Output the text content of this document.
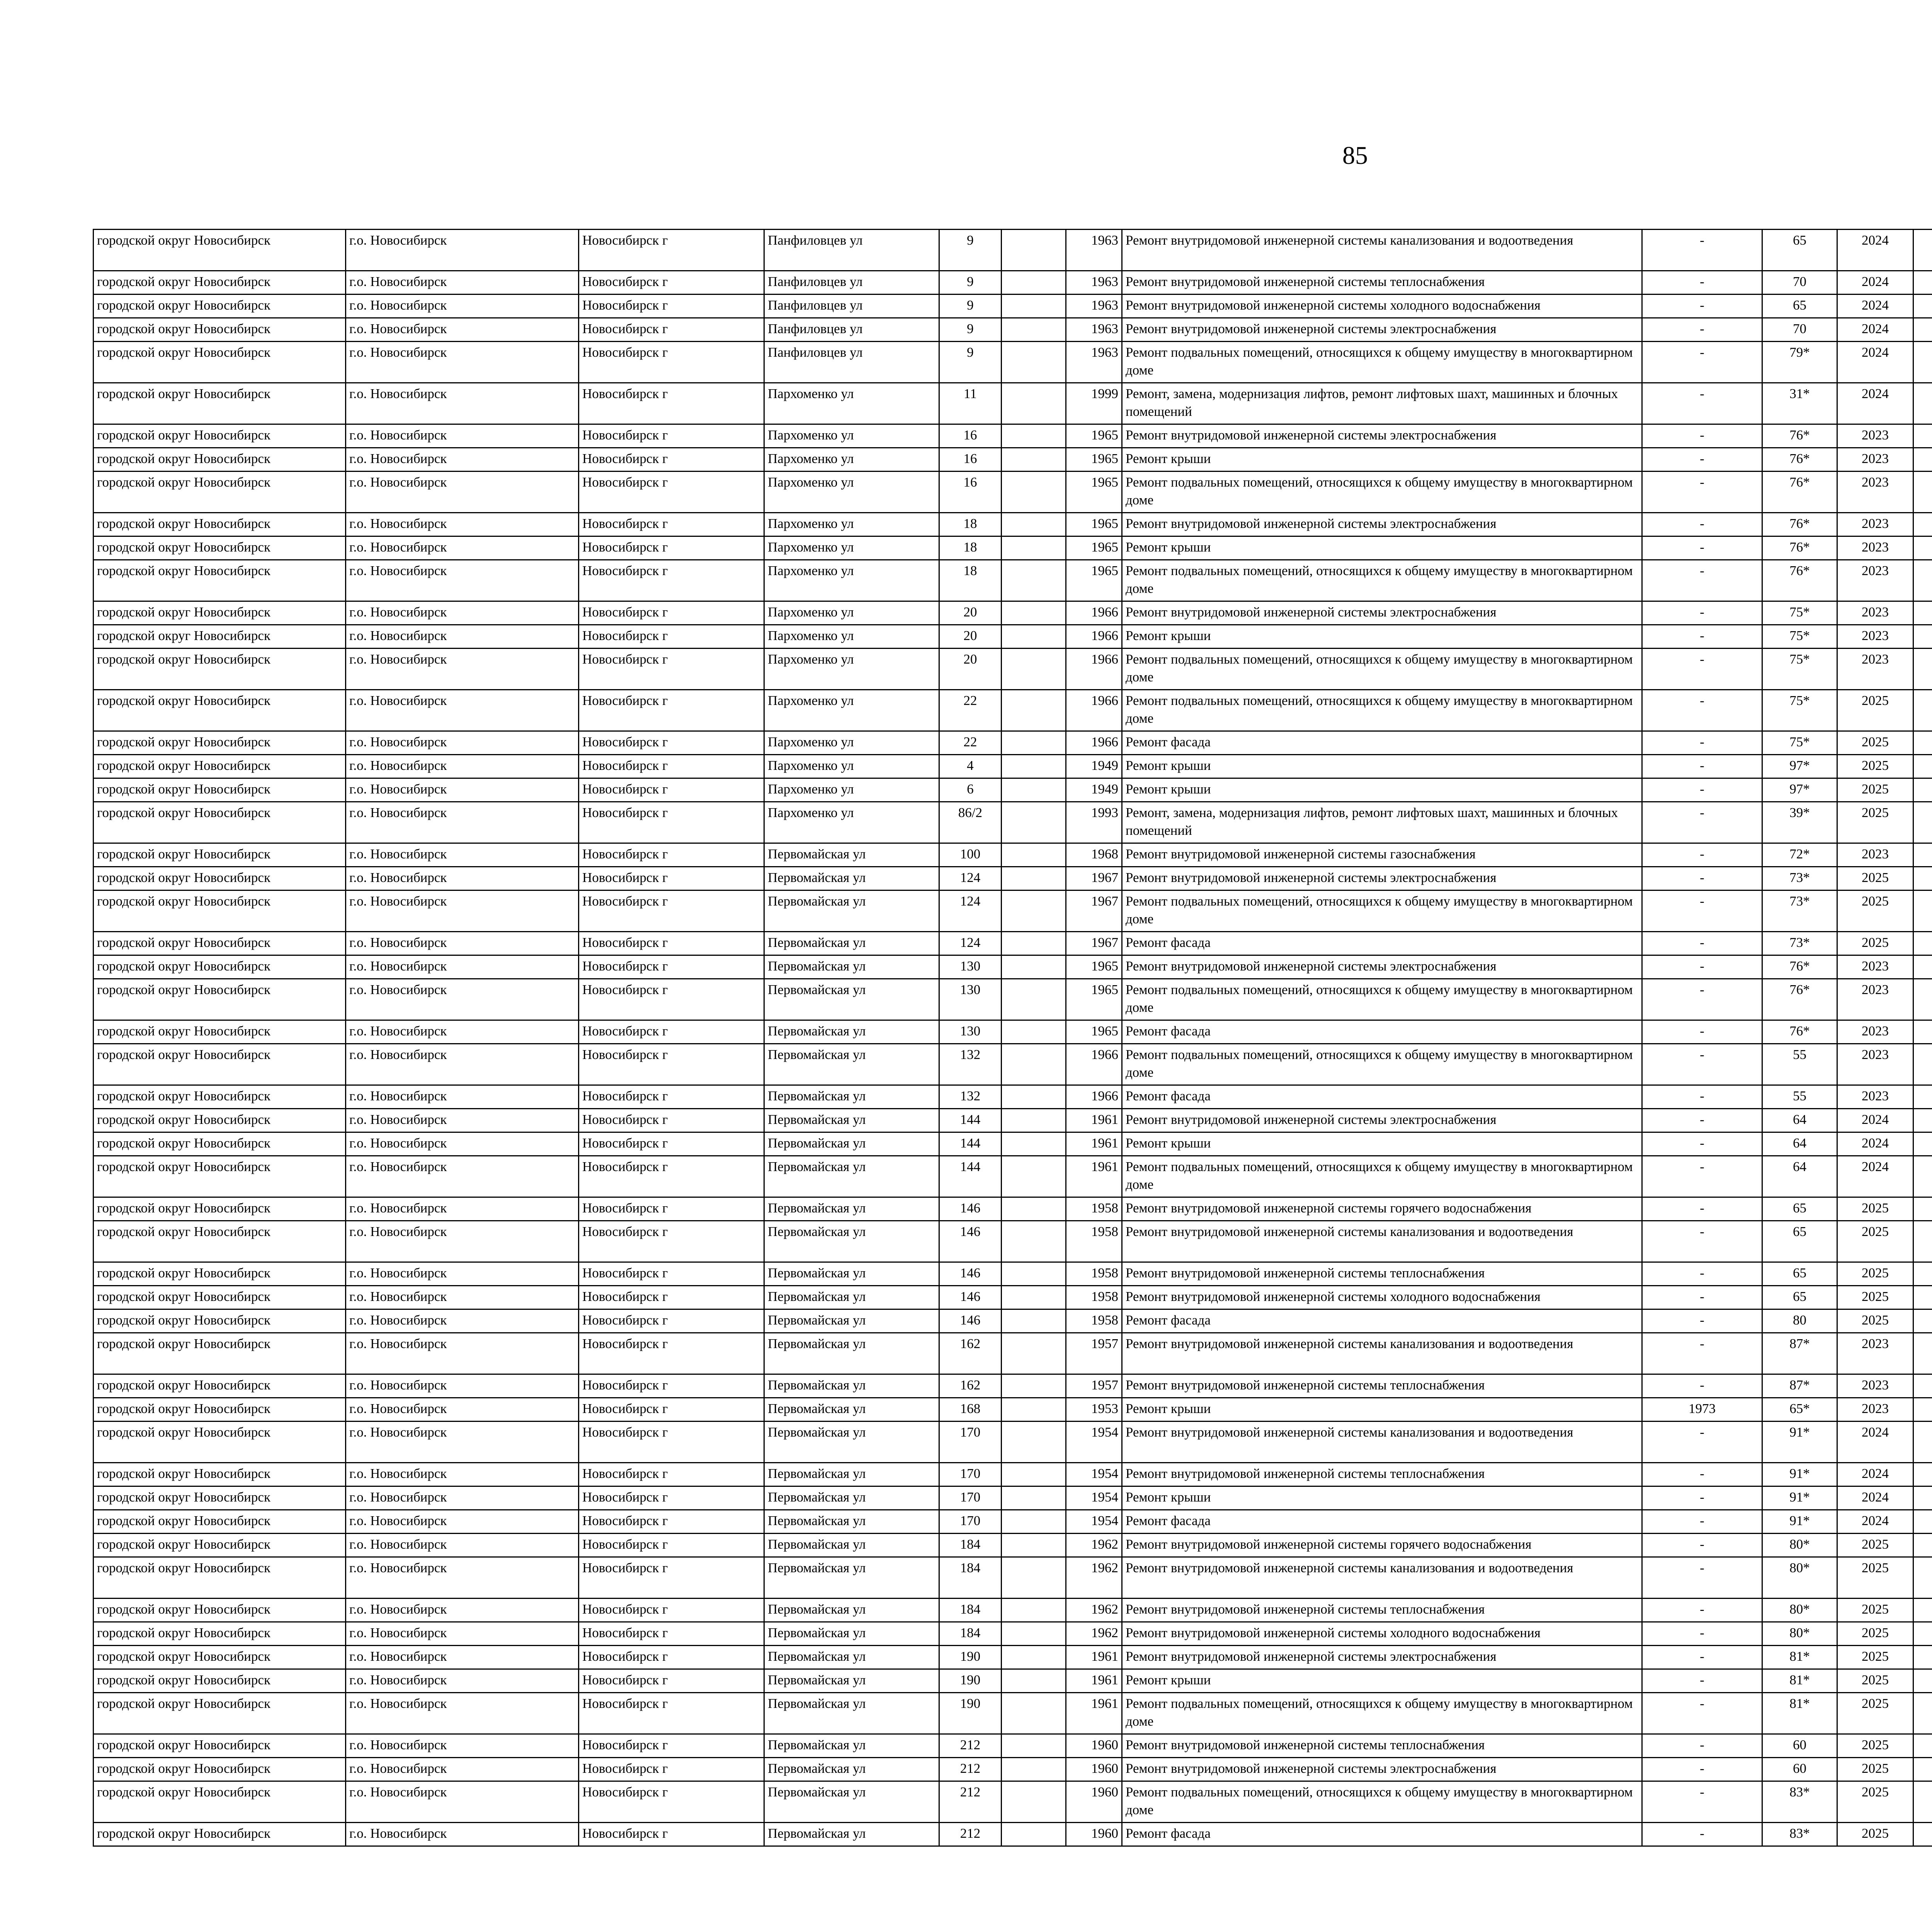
85
городской округ Новосибирск	г.о. Новосибирск	Новосибирск г	Панфиловцев ул	9		1963	Ремонт внутридомовой инженерной системы канализования и водоотведения	-	65	2024						
городской округ Новосибирск	г.о. Новосибирск	Новосибирск г	Панфиловцев ул	9		1963	Ремонт внутридомовой инженерной системы теплоснабжения	-	70	2024						
городской округ Новосибирск	г.о. Новосибирск	Новосибирск г	Панфиловцев ул	9		1963	Ремонт внутридомовой инженерной системы холодного водоснабжения	-	65	2024						
городской округ Новосибирск	г.о. Новосибирск	Новосибирск г	Панфиловцев ул	9		1963	Ремонт внутридомовой инженерной системы электроснабжения	-	70	2024						
городской округ Новосибирск	г.о. Новосибирск	Новосибирск г	Панфиловцев ул	9		1963	Ремонт подвальных помещений, относящихся к общему имуществу в многоквартирном доме	-	79*	2024						
городской округ Новосибирск	г.о. Новосибирск	Новосибирск г	Пархоменко ул	11		1999	Ремонт, замена, модернизация лифтов, ремонт лифтовых шахт, машинных и блочных помещений	-	31*	2024						
городской округ Новосибирск	г.о. Новосибирск	Новосибирск г	Пархоменко ул	16		1965	Ремонт внутридомовой инженерной системы электроснабжения	-	76*	2023						
городской округ Новосибирск	г.о. Новосибирск	Новосибирск г	Пархоменко ул	16		1965	Ремонт крыши	-	76*	2023						
городской округ Новосибирск	г.о. Новосибирск	Новосибирск г	Пархоменко ул	16		1965	Ремонт подвальных помещений, относящихся к общему имуществу в многоквартирном доме	-	76*	2023						
городской округ Новосибирск	г.о. Новосибирск	Новосибирск г	Пархоменко ул	18		1965	Ремонт внутридомовой инженерной системы электроснабжения	-	76*	2023						
городской округ Новосибирск	г.о. Новосибирск	Новосибирск г	Пархоменко ул	18		1965	Ремонт крыши	-	76*	2023						
городской округ Новосибирск	г.о. Новосибирск	Новосибирск г	Пархоменко ул	18		1965	Ремонт подвальных помещений, относящихся к общему имуществу в многоквартирном доме	-	76*	2023						
городской округ Новосибирск	г.о. Новосибирск	Новосибирск г	Пархоменко ул	20		1966	Ремонт внутридомовой инженерной системы электроснабжения	-	75*	2023						
городской округ Новосибирск	г.о. Новосибирск	Новосибирск г	Пархоменко ул	20		1966	Ремонт крыши	-	75*	2023						
городской округ Новосибирск	г.о. Новосибирск	Новосибирск г	Пархоменко ул	20		1966	Ремонт подвальных помещений, относящихся к общему имуществу в многоквартирном доме	-	75*	2023						
городской округ Новосибирск	г.о. Новосибирск	Новосибирск г	Пархоменко ул	22		1966	Ремонт подвальных помещений, относящихся к общему имуществу в многоквартирном доме	-	75*	2025						
городской округ Новосибирск	г.о. Новосибирск	Новосибирск г	Пархоменко ул	22		1966	Ремонт фасада	-	75*	2025						
городской округ Новосибирск	г.о. Новосибирск	Новосибирск г	Пархоменко ул	4		1949	Ремонт крыши	-	97*	2025						
городской округ Новосибирск	г.о. Новосибирск	Новосибирск г	Пархоменко ул	6		1949	Ремонт крыши	-	97*	2025						
городской округ Новосибирск	г.о. Новосибирск	Новосибирск г	Пархоменко ул	86/2		1993	Ремонт, замена, модернизация лифтов, ремонт лифтовых шахт, машинных и блочных помещений	-	39*	2025						
городской округ Новосибирск	г.о. Новосибирск	Новосибирск г	Первомайская ул	100		1968	Ремонт внутридомовой инженерной системы газоснабжения	-	72*	2023						
городской округ Новосибирск	г.о. Новосибирск	Новосибирск г	Первомайская ул	124		1967	Ремонт внутридомовой инженерной системы электроснабжения	-	73*	2025						
городской округ Новосибирск	г.о. Новосибирск	Новосибирск г	Первомайская ул	124		1967	Ремонт подвальных помещений, относящихся к общему имуществу в многоквартирном доме	-	73*	2025						
городской округ Новосибирск	г.о. Новосибирск	Новосибирск г	Первомайская ул	124		1967	Ремонт фасада	-	73*	2025						
городской округ Новосибирск	г.о. Новосибирск	Новосибирск г	Первомайская ул	130		1965	Ремонт внутридомовой инженерной системы электроснабжения	-	76*	2023						
городской округ Новосибирск	г.о. Новосибирск	Новосибирск г	Первомайская ул	130		1965	Ремонт подвальных помещений, относящихся к общему имуществу в многоквартирном доме	-	76*	2023						
городской округ Новосибирск	г.о. Новосибирск	Новосибирск г	Первомайская ул	130		1965	Ремонт фасада	-	76*	2023						
городской округ Новосибирск	г.о. Новосибирск	Новосибирск г	Первомайская ул	132		1966	Ремонт подвальных помещений, относящихся к общему имуществу в многоквартирном доме	-	55	2023						
городской округ Новосибирск	г.о. Новосибирск	Новосибирск г	Первомайская ул	132		1966	Ремонт фасада	-	55	2023						
городской округ Новосибирск	г.о. Новосибирск	Новосибирск г	Первомайская ул	144		1961	Ремонт внутридомовой инженерной системы электроснабжения	-	64	2024						
городской округ Новосибирск	г.о. Новосибирск	Новосибирск г	Первомайская ул	144		1961	Ремонт крыши	-	64	2024						
городской округ Новосибирск	г.о. Новосибирск	Новосибирск г	Первомайская ул	144		1961	Ремонт подвальных помещений, относящихся к общему имуществу в многоквартирном доме	-	64	2024						
городской округ Новосибирск	г.о. Новосибирск	Новосибирск г	Первомайская ул	146		1958	Ремонт внутридомовой инженерной системы горячего водоснабжения	-	65	2025						
городской округ Новосибирск	г.о. Новосибирск	Новосибирск г	Первомайская ул	146		1958	Ремонт внутридомовой инженерной системы канализования и водоотведения	-	65	2025						
городской округ Новосибирск	г.о. Новосибирск	Новосибирск г	Первомайская ул	146		1958	Ремонт внутридомовой инженерной системы теплоснабжения	-	65	2025						
городской округ Новосибирск	г.о. Новосибирск	Новосибирск г	Первомайская ул	146		1958	Ремонт внутридомовой инженерной системы холодного водоснабжения	-	65	2025						
городской округ Новосибирск	г.о. Новосибирск	Новосибирск г	Первомайская ул	146		1958	Ремонт фасада	-	80	2025						
городской округ Новосибирск	г.о. Новосибирск	Новосибирск г	Первомайская ул	162		1957	Ремонт внутридомовой инженерной системы канализования и водоотведения	-	87*	2023						
городской округ Новосибирск	г.о. Новосибирск	Новосибирск г	Первомайская ул	162		1957	Ремонт внутридомовой инженерной системы теплоснабжения	-	87*	2023						
городской округ Новосибирск	г.о. Новосибирск	Новосибирск г	Первомайская ул	168		1953	Ремонт крыши	1973	65*	2023						
городской округ Новосибирск	г.о. Новосибирск	Новосибирск г	Первомайская ул	170		1954	Ремонт внутридомовой инженерной системы канализования и водоотведения	-	91*	2024						
городской округ Новосибирск	г.о. Новосибирск	Новосибирск г	Первомайская ул	170		1954	Ремонт внутридомовой инженерной системы теплоснабжения	-	91*	2024						
городской округ Новосибирск	г.о. Новосибирск	Новосибирск г	Первомайская ул	170		1954	Ремонт крыши	-	91*	2024						
городской округ Новосибирск	г.о. Новосибирск	Новосибирск г	Первомайская ул	170		1954	Ремонт фасада	-	91*	2024						
городской округ Новосибирск	г.о. Новосибирск	Новосибирск г	Первомайская ул	184		1962	Ремонт внутридомовой инженерной системы горячего водоснабжения	-	80*	2025						
городской округ Новосибирск	г.о. Новосибирск	Новосибирск г	Первомайская ул	184		1962	Ремонт внутридомовой инженерной системы канализования и водоотведения	-	80*	2025						
городской округ Новосибирск	г.о. Новосибирск	Новосибирск г	Первомайская ул	184		1962	Ремонт внутридомовой инженерной системы теплоснабжения	-	80*	2025						
городской округ Новосибирск	г.о. Новосибирск	Новосибирск г	Первомайская ул	184		1962	Ремонт внутридомовой инженерной системы холодного водоснабжения	-	80*	2025						
городской округ Новосибирск	г.о. Новосибирск	Новосибирск г	Первомайская ул	190		1961	Ремонт внутридомовой инженерной системы электроснабжения	-	81*	2025						
городской округ Новосибирск	г.о. Новосибирск	Новосибирск г	Первомайская ул	190		1961	Ремонт крыши	-	81*	2025						
городской округ Новосибирск	г.о. Новосибирск	Новосибирск г	Первомайская ул	190		1961	Ремонт подвальных помещений, относящихся к общему имуществу в многоквартирном доме	-	81*	2025						
городской округ Новосибирск	г.о. Новосибирск	Новосибирск г	Первомайская ул	212		1960	Ремонт внутридомовой инженерной системы теплоснабжения	-	60	2025						
городской округ Новосибирск	г.о. Новосибирск	Новосибирск г	Первомайская ул	212		1960	Ремонт внутридомовой инженерной системы электроснабжения	-	60	2025						
городской округ Новосибирск	г.о. Новосибирск	Новосибирск г	Первомайская ул	212		1960	Ремонт подвальных помещений, относящихся к общему имуществу в многоквартирном доме	-	83*	2025						
городской округ Новосибирск	г.о. Новосибирск	Новосибирск г	Первомайская ул	212		1960	Ремонт фасада	-	83*	2025						
